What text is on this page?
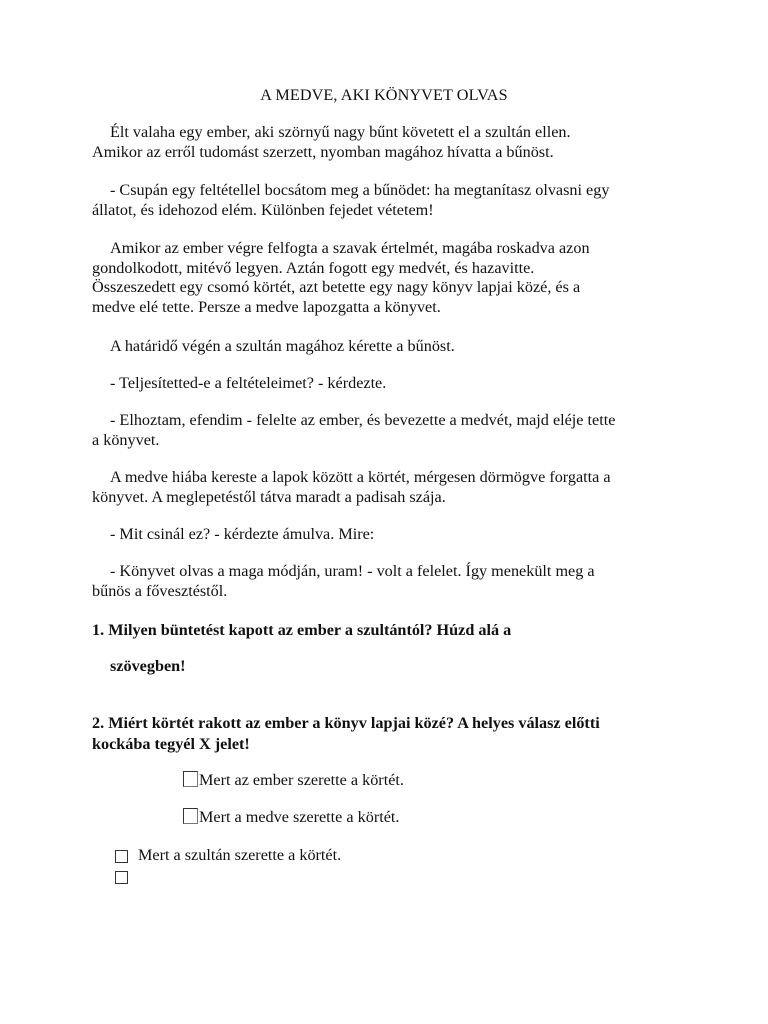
A MEDVE, AKI KÖNYVET OLVAS

Élt valaha egy ember, aki szörnyű nagy bűnt követett el a szultán ellen.
Amikor az erről tudomást szerzett, nyomban magához hívatta a bűnöst.

- Csupán egy feltétellel bocsátom meg a bűnödet: ha megtanítasz olvasni egy
állatot, és idehozod elém. Különben fejedet vétetem!

Amikor az ember végre felfogta a szavak értelmét, magába roskadva azon
gondolkodott, mitévő legyen. Aztán fogott egy medvét, és hazavitte.
Összeszedett egy csomó körtét, azt betette egy nagy könyv lapjai közé, és a
medve elé tette. Persze a medve lapozgatta a könyvet.

A határidő végén a szultán magához kérette a bűnöst.

- Teljesítetted-e a feltételeimet? - kérdezte.

- Elhoztam, efendim - felelte az ember, és bevezette a medvét, majd eléje tette
a könyvet.

A medve hiába kereste a lapok között a körtét, mérgesen dörmögve forgatta a
könyvet. A meglepetéstől tátva maradt a padisah szája.

- Mit csinál ez? - kérdezte ámulva. Mire:

- Könyvet olvas a maga módján, uram! - volt a felelet. Így menekült meg a
bűnös a fővesztéstől.

1. Milyen büntetést kapott az ember a szultántól? Húzd alá a
szövegben!
2. Miért körtét rakott az ember a könyv lapjai közé? A helyes válasz előtti
kockába tegyél X jelet!
Mert az ember szerette a körtét.
Mert a medve szerette a körtét.
Mert a szultán szerette a körtét.
